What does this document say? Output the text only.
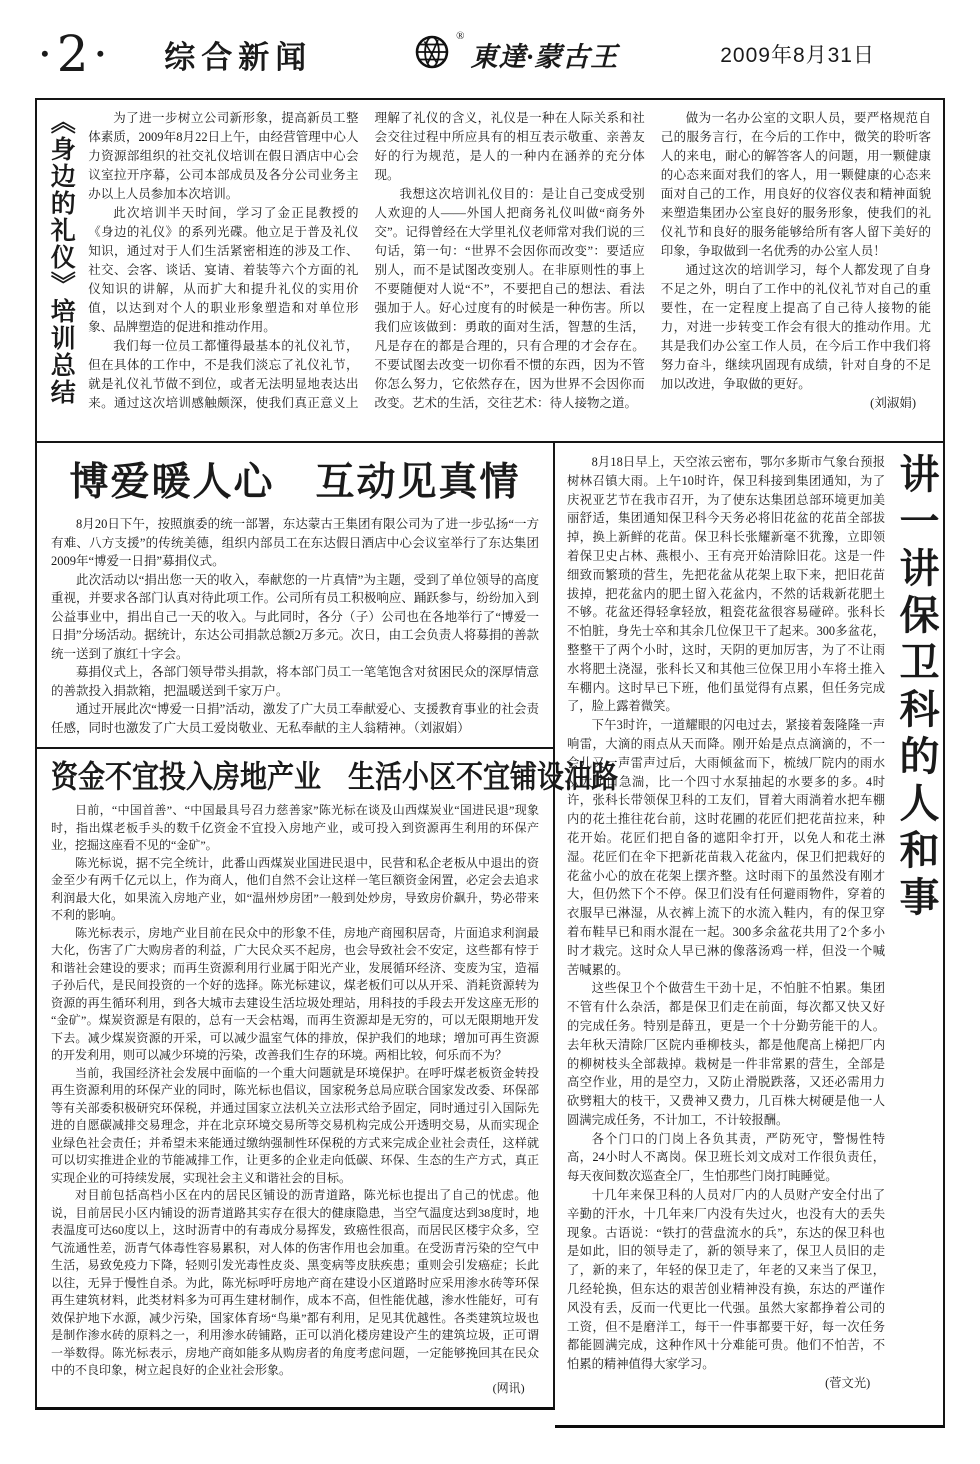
• 2 • 综合新闻
®
東達·蒙古王	2009年8月31日
《身边的礼仪》培训总结	为了进一步树立公司新形象，提高新员工整体素质，2009年8月22日上午，由经营管理中心人力资源部组织的社交礼仪培训在假日酒店中心会议室拉开序幕，公司本部成员及各分公司业务主办以上人员参加本次培训。

此次培训半天时间，学习了金正昆教授的《身边的礼仪》的系列光碟。他立足于普及礼仪知识，通过对于人们生活紧密相连的涉及工作、社交、会客、谈话、宴请、着装等六个方面的礼仪知识的讲解，从而扩大和提升礼仪的实用价值，以达到对个人的职业形象塑造和对单位形象、品牌塑造的促进和推动作用。

我们每一位员工都懂得最基本的礼仪礼节，但在具体的工作中，不是我们淡忘了礼仪礼节，就是礼仪礼节做不到位，或者无法明显地表达出来。通过这次培训感触颇深，使我们真正意义上理解了礼仪的含义，礼仪是一种在人际关系和社会交往过程中所应具有的相互表示敬重、亲善友好的行为规范，是人的一种内在涵养的充分体现。

我想这次培训礼仪目的：是让自己变成受别人欢迎的人——外国人把商务礼仪叫做“商务外交”。记得曾经在大学里礼仪老师常对我们说的三句话，第一句：“世界不会因你而改变”：要适应别人，而不是试图改变别人。在非原则性的事上不要随便对人说“不”，不要把自己的想法、看法强加于人。好心过度有的时候是一种伤害。所以我们应该做到：勇敢的面对生活，智慧的生活，凡是存在的都是合理的，只有合理的才会存在。不要试图去改变一切你看不惯的东西，因为不管你怎么努力，它依然存在，因为世界不会因你而改变。艺术的生活，交往艺术：待人接物之道。

做为一名办公室的文职人员，要严格规范自己的服务言行，在今后的工作中，微笑的聆听客人的来电，耐心的解答客人的问题，用一颗健康的心态来面对我们的客人，用一颗健康的心态来面对自己的工作，用良好的仪容仪表和精神面貌来塑造集团办公室良好的服务形象，使我们的礼仪礼节和良好的服务能够给所有客人留下美好的印象，争取做到一名优秀的办公室人员！

通过这次的培训学习，每个人都发现了自身不足之外，明白了工作中的礼仪礼节对自己的重要性，在一定程度上提高了自己待人接物的能力，对进一步转变工作会有很大的推动作用。尤其是我们办公室工作人员，在今后工作中我们将努力奋斗，继续巩固现有成绩，针对自身的不足加以改进，争取做的更好。

(刘淑娟)

博爱暖人心　互动见真情

8月20日下午，按照旗委的统一部署，东达蒙古王集团有限公司为了进一步弘扬“一方有难、八方支援”的传统美德，组织内部员工在东达假日酒店中心会议室举行了东达集团2009年“博爱一日捐”募捐仪式。

此次活动以“捐出您一天的收入，奉献您的一片真情”为主题，受到了单位领导的高度重视，并要求各部门认真对待此项工作。公司所有员工积极响应、踊跃参与，纷纷加入到公益事业中，捐出自己一天的收入。与此同时，各分（子）公司也在各地举行了“博爱一日捐”分场活动。据统计，东达公司捐款总额2万多元。次日，由工会负责人将募捐的善款统一送到了旗红十字会。

募捐仪式上，各部门领导带头捐款，将本部门员工一笔笔饱含对贫困民众的深厚情意的善款投入捐款箱，把温暖送到千家万户。

通过开展此次“博爱一日捐”活动，激发了广大员工奉献爱心、支援教育事业的社会责任感，同时也激发了广大员工爱岗敬业、无私奉献的主人翁精神。（刘淑娟）

资金不宜投入房地产业　生活小区不宜铺设油路

日前，“中国首善”、“中国最具号召力慈善家”陈光标在谈及山西煤炭业“国进民退”现象时，指出煤老板手头的数千亿资金不宜投入房地产业，或可投入到资源再生利用的环保产业，挖掘这座看不见的“金矿”。

陈光标说，据不完全统计，此番山西煤炭业国进民退中，民营和私企老板从中退出的资金至少有两千亿元以上，作为商人，他们自然不会让这样一笔巨额资金闲置，必定会去追求利润最大化，如果流入房地产业，如“温州炒房团”一般到处炒房，导致房价飙升，势必带来不利的影响。

陈光标表示，房地产业目前在民众中的形象不佳，房地产商囤积居奇，片面追求利润最大化，伤害了广大购房者的利益，广大民众买不起房，也会导致社会不安定，这些都有悖于和谐社会建设的要求；而再生资源利用行业属于阳光产业，发展循环经济、变废为宝，造福子孙后代，是民间投资的一个好的选择。陈光标建议，煤老板们可以从开采、消耗资源转为资源的再生循环利用，到各大城市去建设生活垃圾处理站，用科技的手段去开发这座无形的“金矿”。煤炭资源是有限的，总有一天会枯竭，而再生资源却是无穷的，可以无限期地开发下去。减少煤炭资源的开采，可以减少温室气体的排放，保护我们的地球；增加可再生资源的开发利用，则可以减少环境的污染，改善我们生存的环境。两相比较，何乐而不为？

当前，我国经济社会发展中面临的一个重大问题就是环境保护。在呼吁煤老板资金转投再生资源利用的环保产业的同时，陈光标也倡议，国家税务总局应联合国家发改委、环保部等有关部委积极研究环保税，并通过国家立法机关立法形式给予固定，同时通过引入国际先进的自愿碳减排交易理念，并在北京环境交易所等交易机构完成公开透明交易，从而实现企业绿色社会责任；并希望未来能通过缴纳强制性环保税的方式来完成企业社会责任，这样就可以切实推进企业的节能减排工作，让更多的企业走向低碳、环保、生态的生产方式，真正实现企业的可持续发展，实现社会主义和谐社会的目标。

对目前包括高档小区在内的居民区铺设的沥青道路，陈光标也提出了自己的忧虑。他说，目前居民小区内铺设的沥青道路其实存在很大的健康隐患，当空气温度达到38度时，地表温度可达60度以上，这时沥青中的有毒成分易挥发，致癌性很高，而居民区楼宇众多，空气流通性差，沥青气体毒性容易累积，对人体的伤害作用也会加重。在受沥青污染的空气中生活，易致免疫力下降，轻则引发光毒性皮炎、黑变病等皮肤疾患；重则会引发癌症；长此以往，无异于慢性自杀。为此，陈光标呼吁房地产商在建设小区道路时应采用渗水砖等环保再生建筑材料，此类材料多为可再生建材制作，成本不高，但性能优越，渗水性能好，可有效保护地下水源，减少污染，国家体育场“鸟巢”都有利用，足见其优越性。各类建筑垃圾也是制作渗水砖的原料之一，利用渗水砖铺路，正可以消化楼房建设产生的建筑垃圾，正可谓一举数得。陈光标表示，房地产商如能多从购房者的角度考虑问题，一定能够挽回其在民众中的不良印象，树立起良好的企业社会形象。

(网讯)

8月18日早上，天空浓云密布，鄂尔多斯市气象台预报树林召镇大雨。上午10时许，保卫科接到集团通知，为了庆祝亚艺节在我市召开，为了使东达集团总部环境更加美丽舒适，集团通知保卫科今天务必将旧花盆的花苗全部拔掉，换上新鲜的花苗。保卫科长张耀新毫不犹豫，立即领着保卫史占林、燕根小、王有亮开始清除旧花。这是一件细致而繁琐的营生，先把花盆从花架上取下来，把旧花苗拔掉，把花盆内的肥土留入花盆内，不然的话栽新花肥土不够。花盆还得轻拿轻放，粗瓷花盆很容易碰碎。张科长不怕脏，身先士卒和其余几位保卫干了起来。300多盆花，整整干了两个小时，这时，天阴的更加厉害，为了不让雨水将肥土浇湿，张科长又和其他三位保卫用小车将土推入车棚内。这时早已下班，他们虽觉得有点累，但任务完成了，脸上露着微笑。

下午3时许，一道耀眼的闪电过去，紧接着轰隆隆一声响雷，大滴的雨点从天而降。刚开始是点点滴滴的，不一会儿又一声雷声过后，大雨倾盆而下，梳绒厂院内的雨水从大厅口急湍，比一个四寸水泵抽起的水要多的多。4时许，张科长带领保卫科的工友们，冒着大雨淌着水把车棚内的花土推往花台前，这时花圃的花匠们把花苗拉来，种花开始。花匠们把自备的遮阳伞打开，以免人和花土淋湿。花匠们在伞下把新花苗栽入花盆内，保卫们把栽好的花盆小心的放在花架上摆齐整。这时雨下的虽然没有刚才大，但仍然下个不停。保卫们没有任何避雨物件，穿着的衣服早已淋湿，从衣裤上流下的水流入鞋内，有的保卫穿着布鞋早已和雨水混在一起。300多余盆花共用了2个多小时才栽完。这时众人早已淋的像落汤鸡一样，但没一个喊苦喊累的。

这些保卫个个做营生干劲十足，不怕脏不怕累。集团不管有什么杂活，都是保卫们走在前面，每次都又快又好的完成任务。特别是薛丑，更是一个十分勤劳能干的人。去年秋天清除厂区院内垂柳枝头，都是他爬高上梯把厂内的柳树枝头全部裁掉。栽树是一件非常累的营生，全部是高空作业，用的是空力，又防止滑脱跌落，又还必需用力砍劈粗大的枝干，又费神又费力，几百株大树硬是他一人圆满完成任务，不计加工，不计较报酬。

各个门口的门岗上各负其责，严防死守，警惕性特高，24小时人不离岗。保卫班长刘文成对工作很负责任，每天夜间数次巡查全厂，生怕那些门岗打盹睡觉。

十几年来保卫科的人员对厂内的人员财产安全付出了辛勤的汗水，十几年来厂内没有失过火，也没有大的丢失现象。古语说：“铁打的营盘流水的兵”，东达的保卫科也是如此，旧的领导走了，新的领导来了，保卫人员旧的走了，新的来了，年轻的保卫走了，年老的又来当了保卫，几经轮换，但东达的艰苦创业精神没有换，东达的严谨作风没有丢，反而一代更比一代强。虽然大家都挣着公司的工资，但不是磨洋工，每干一件事都要干好，每一次任务都能圆满完成，这种作风十分难能可贵。他们不怕苦，不怕累的精神值得大家学习。

(菅文光)

讲一讲保卫科的人和事
